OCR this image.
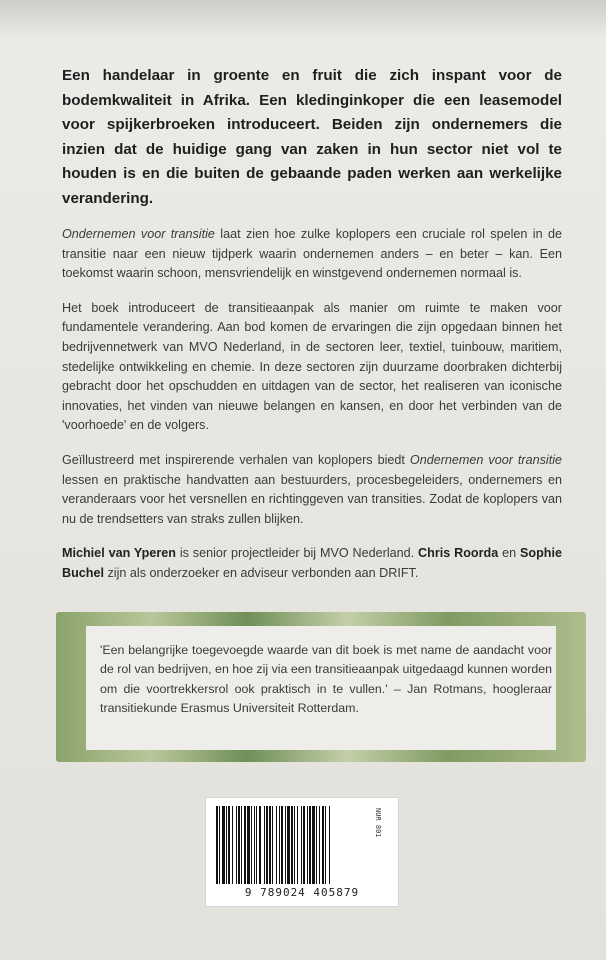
Een handelaar in groente en fruit die zich inspant voor de bodemkwaliteit in Afrika. Een kledinginkoper die een leasemodel voor spijkerbroeken introduceert. Beiden zijn ondernemers die inzien dat de huidige gang van zaken in hun sector niet vol te houden is en die buiten de gebaande paden werken aan werkelijke verandering.

Ondernemen voor transitie laat zien hoe zulke koplopers een cruciale rol spelen in de transitie naar een nieuw tijdperk waarin ondernemen anders – en beter – kan. Een toekomst waarin schoon, mensvriendelijk en winstgevend ondernemen normaal is.

Het boek introduceert de transitieaanpak als manier om ruimte te maken voor fundamentele verandering. Aan bod komen de ervaringen die zijn opgedaan binnen het bedrijvennetwerk van MVO Nederland, in de sectoren leer, textiel, tuinbouw, maritiem, stedelijke ontwikkeling en chemie. In deze sectoren zijn duurzame doorbraken dichterbij gebracht door het opschudden en uitdagen van de sector, het realiseren van iconische innovaties, het vinden van nieuwe belangen en kansen, en door het verbinden van de 'voorhoede' en de volgers.

Geïllustreerd met inspirerende verhalen van koplopers biedt Ondernemen voor transitie lessen en praktische handvatten aan bestuurders, procesbegeleiders, ondernemers en veranderaars voor het versnellen en richtinggeven van transities. Zodat de koplopers van nu de trendsetters van straks zullen blijken.

Michiel van Yperen is senior projectleider bij MVO Nederland. Chris Roorda en Sophie Buchel zijn als onderzoeker en adviseur verbonden aan DRIFT.

'Een belangrijke toegevoegde waarde van dit boek is met name de aandacht voor de rol van bedrijven, en hoe zij via een transitieaanpak uitgedaagd kunnen worden om die voortrekkersrol ook praktisch in te vullen.' – Jan Rotmans, hoogleraar transitiekunde Erasmus Universiteit Rotterdam.
NUR 801
9 789024 405879
